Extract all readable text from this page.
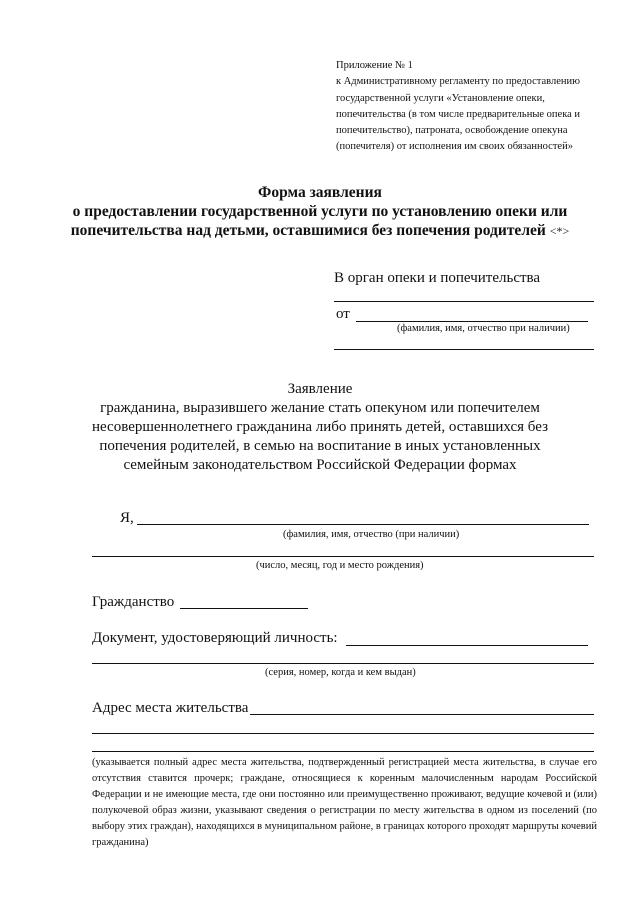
Приложение № 1
к Административному регламенту по предоставлению
государственной услуги «Установление опеки,
попечительства (в том числе предварительные опека и
попечительство), патроната, освобождение опекуна
(попечителя) от исполнения им своих обязанностей»
Форма заявления
о предоставлении государственной услуги по установлению опеки или
попечительства над детьми, оставшимися без попечения родителей <*>
В орган опеки и попечительства
от
(фамилия, имя, отчество при наличии)
Заявление
гражданина, выразившего желание стать опекуном или попечителем
несовершеннолетнего гражданина либо принять детей, оставшихся без
попечения родителей, в семью на воспитание в иных установленных
семейным законодательством Российской Федерации формах
Я,
(фамилия, имя, отчество (при наличии)
(число, месяц, год и место рождения)
Гражданство
Документ, удостоверяющий личность:
(серия, номер, когда и кем выдан)
Адрес места жительства
(указывается полный адрес места жительства, подтвержденный регистрацией места жительства, в случае его отсутствия ставится прочерк; граждане, относящиеся к коренным малочисленным народам Российской Федерации и не имеющие места, где они постоянно или преимущественно проживают, ведущие кочевой и (или) полукочевой образ жизни, указывают сведения о регистрации по месту жительства в одном из поселений (по выбору этих граждан), находящихся в муниципальном районе, в границах которого проходят маршруты кочевий гражданина)
